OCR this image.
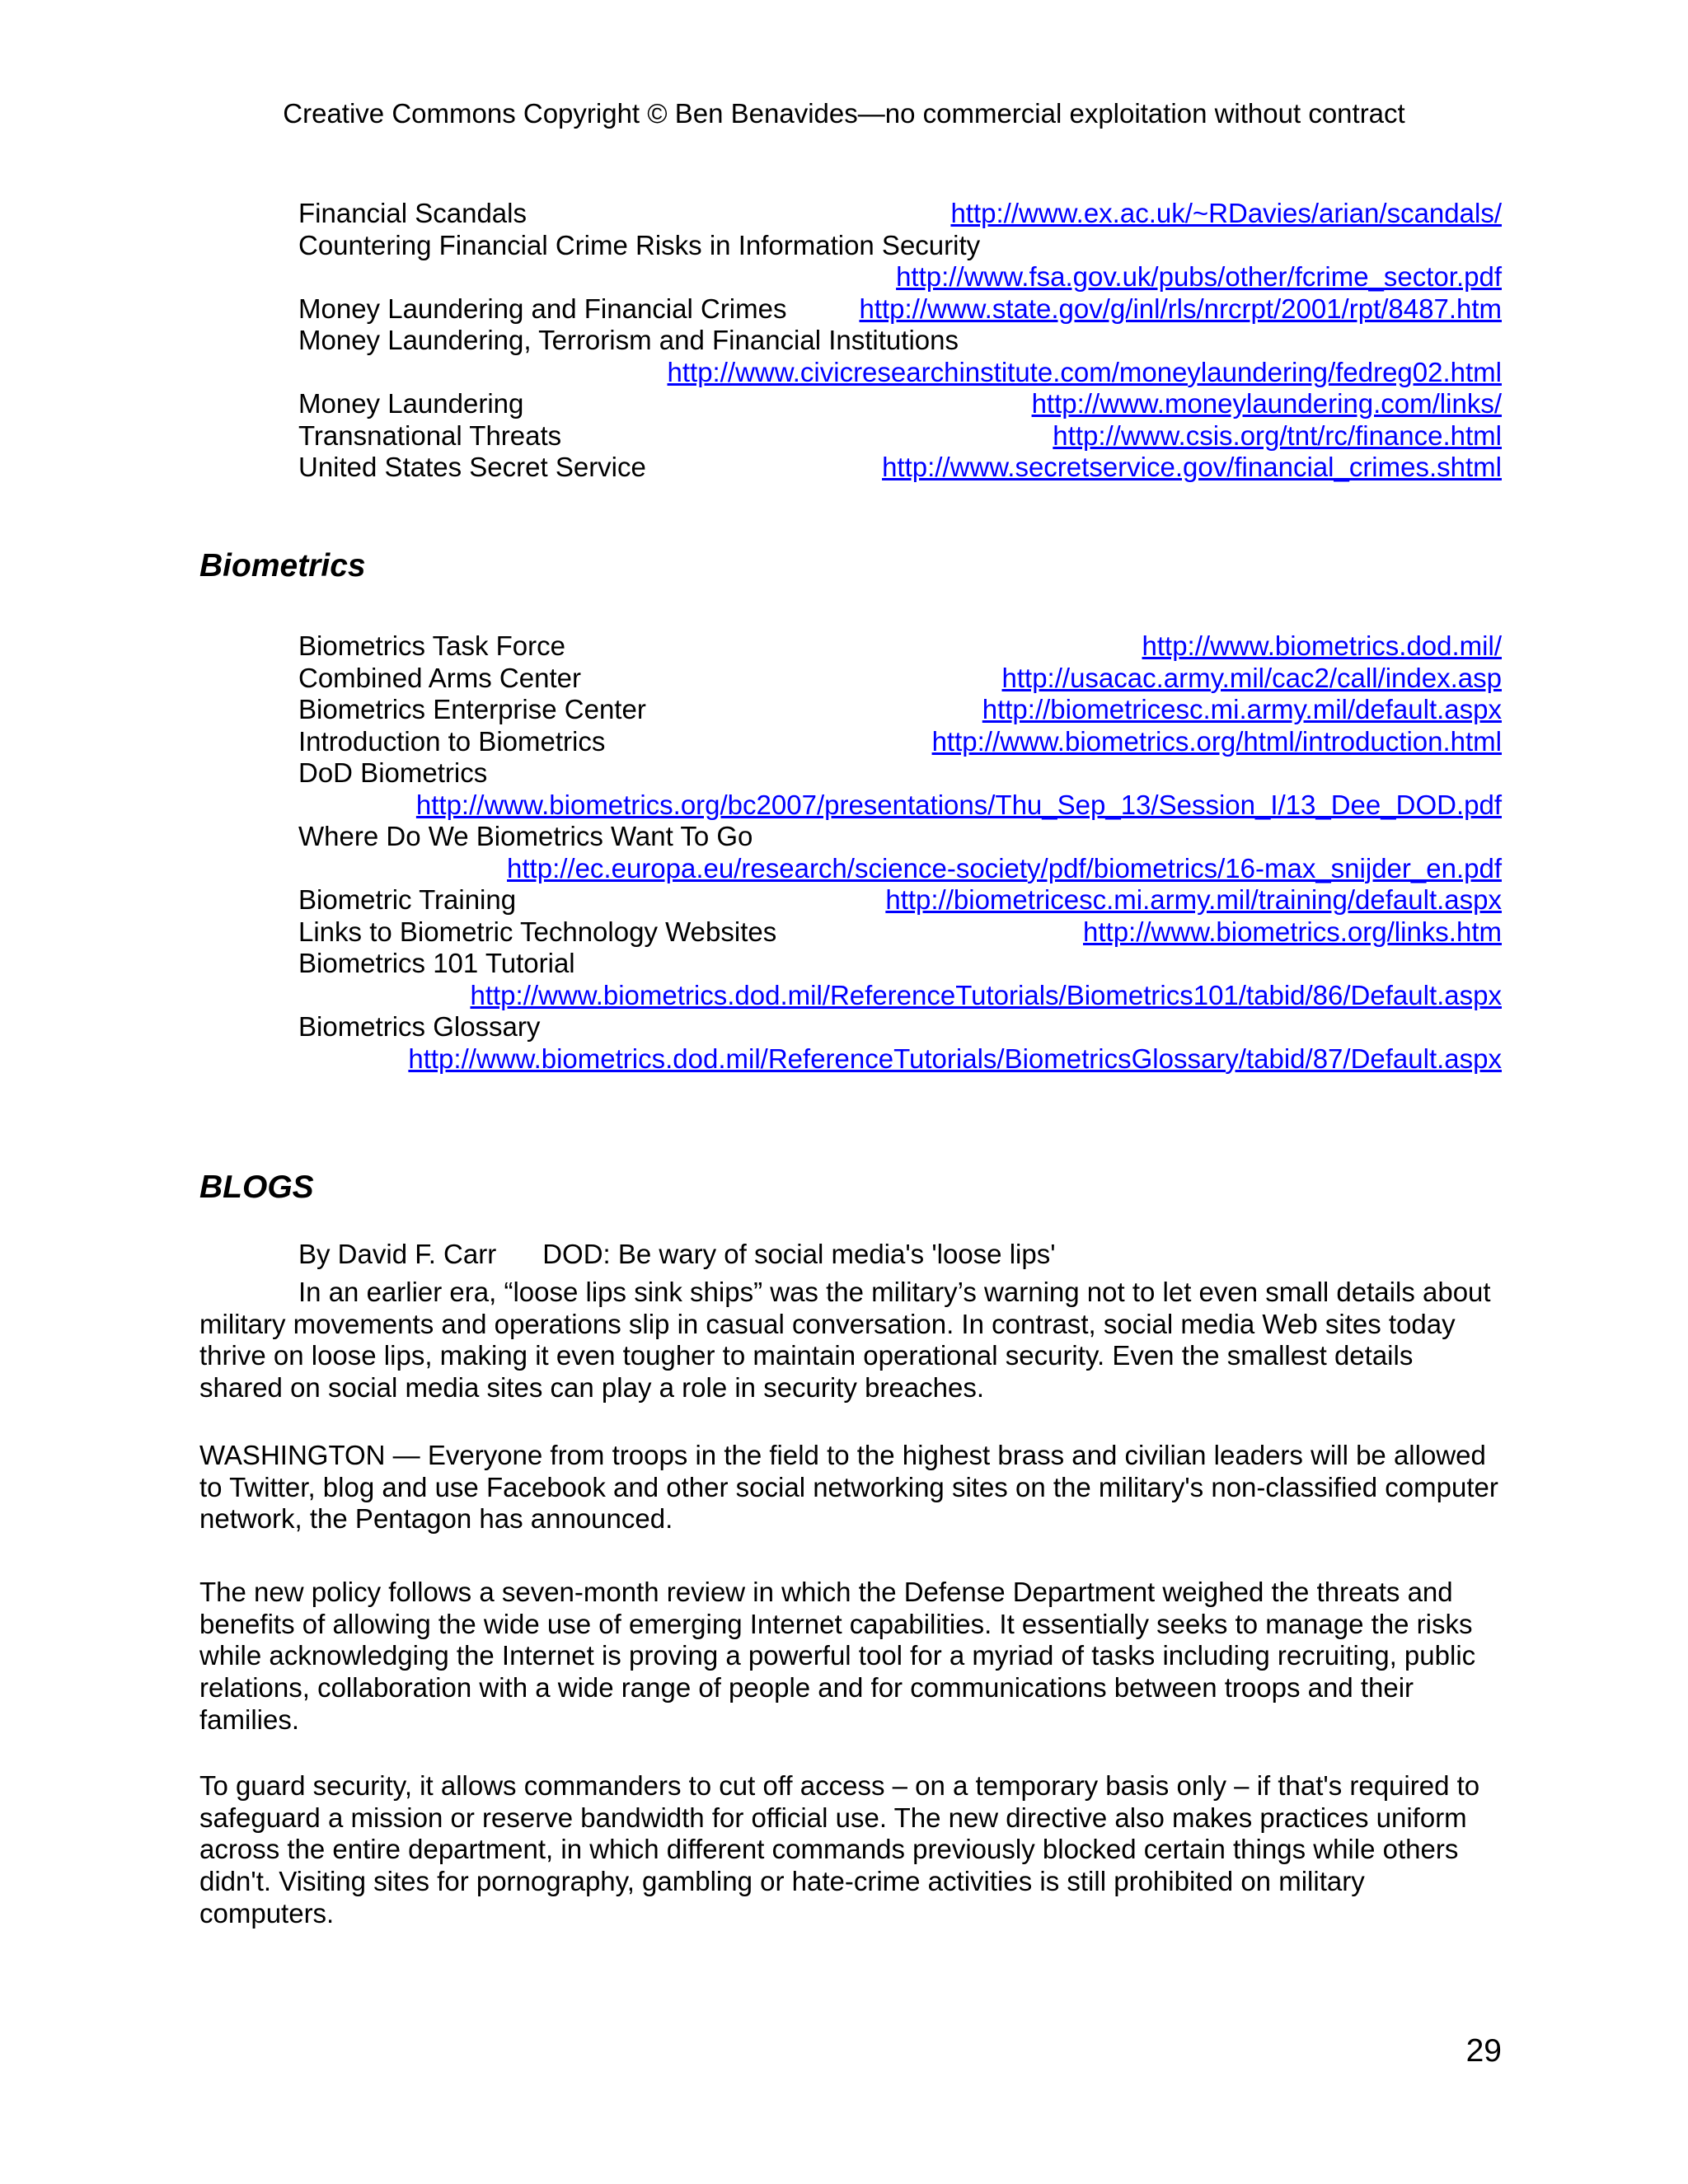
Creative Commons Copyright © Ben Benavides—no commercial exploitation without contract
Financial Scandals	http://www.ex.ac.uk/~RDavies/arian/scandals/
Countering Financial Crime Risks in Information Security
http://www.fsa.gov.uk/pubs/other/fcrime_sector.pdf
Money Laundering and Financial Crimes	http://www.state.gov/g/inl/rls/nrcrpt/2001/rpt/8487.htm
Money Laundering, Terrorism and Financial Institutions
http://www.civicresearchinstitute.com/moneylaundering/fedreg02.html
Money Laundering	http://www.moneylaundering.com/links/
Transnational Threats	http://www.csis.org/tnt/rc/finance.html
United States Secret Service	http://www.secretservice.gov/financial_crimes.shtml
Biometrics
Biometrics Task Force	http://www.biometrics.dod.mil/
Combined Arms Center	http://usacac.army.mil/cac2/call/index.asp
Biometrics Enterprise Center	http://biometricesc.mi.army.mil/default.aspx
Introduction to Biometrics	http://www.biometrics.org/html/introduction.html
DoD Biometrics
http://www.biometrics.org/bc2007/presentations/Thu_Sep_13/Session_I/13_Dee_DOD.pdf
Where Do We Biometrics Want To Go
http://ec.europa.eu/research/science-society/pdf/biometrics/16-max_snijder_en.pdf
Biometric Training	http://biometricesc.mi.army.mil/training/default.aspx
Links to Biometric Technology Websites	http://www.biometrics.org/links.htm
Biometrics 101 Tutorial
http://www.biometrics.dod.mil/ReferenceTutorials/Biometrics101/tabid/86/Default.aspx
Biometrics Glossary
http://www.biometrics.dod.mil/ReferenceTutorials/BiometricsGlossary/tabid/87/Default.aspx
BLOGS
By David F. Carr DOD: Be wary of social media's 'loose lips'

In an earlier era, “loose lips sink ships” was the military’s warning not to let even small details about military movements and operations slip in casual conversation. In contrast, social media Web sites today thrive on loose lips, making it even tougher to maintain operational security. Even the smallest details shared on social media sites can play a role in security breaches.

WASHINGTON — Everyone from troops in the field to the highest brass and civilian leaders will be allowed to Twitter, blog and use Facebook and other social networking sites on the military's non-classified computer network, the Pentagon has announced.

The new policy follows a seven-month review in which the Defense Department weighed the threats and benefits of allowing the wide use of emerging Internet capabilities. It essentially seeks to manage the risks while acknowledging the Internet is proving a powerful tool for a myriad of tasks including recruiting, public relations, collaboration with a wide range of people and for communications between troops and their families.

To guard security, it allows commanders to cut off access – on a temporary basis only – if that's required to safeguard a mission or reserve bandwidth for official use. The new directive also makes practices uniform across the entire department, in which different commands previously blocked certain things while others didn't. Visiting sites for pornography, gambling or hate-crime activities is still prohibited on military computers.

29
